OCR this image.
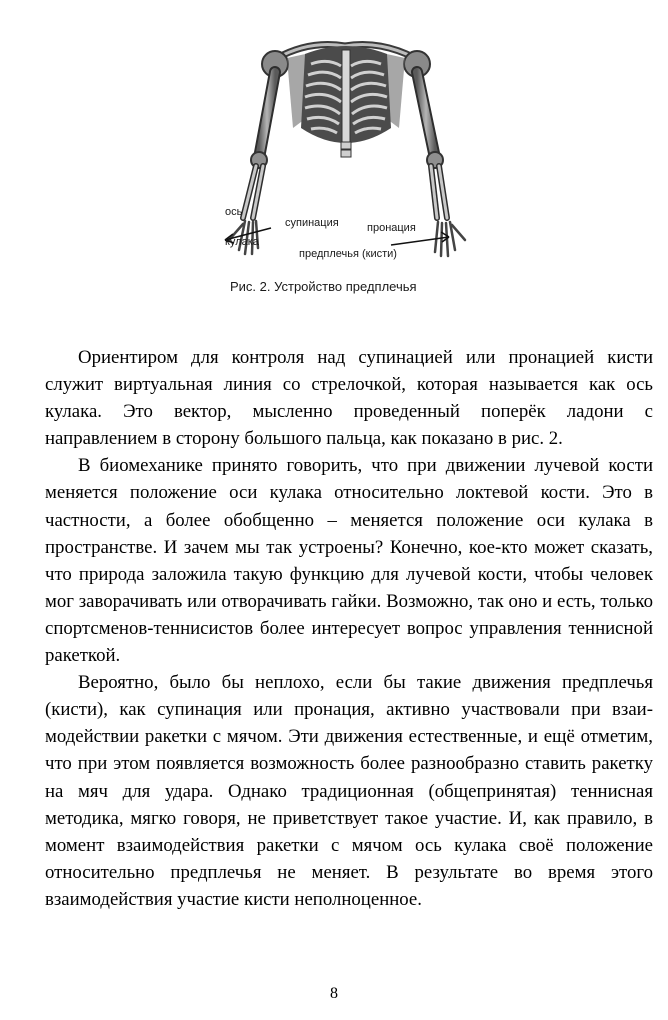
ось
кулака
супинация	пронация
предплечья (кисти)
Рис. 2. Устройство предплечья

Ориентиром для контроля над супинацией или пронацией кисти служит виртуальная линия со стрелочкой, которая называется как ось кулака. Это вектор, мысленно проведенный поперёк ладони с направлением в сторону большого пальца, как показано в рис. 2.

В биомеханике принято говорить, что при движении лучевой кости меняется положение оси кулака относительно локтевой кости. Это в частности, а более обобщенно – меняется положение оси кулака в пространстве. И зачем мы так устроены? Конечно, кое-кто может сказать, что природа заложила такую функцию для лучевой кости, чтобы человек мог заворачивать или отворачивать гайки. Возможно, так оно и есть, только спортсменов-теннисистов более интересует вопрос управления теннисной ракеткой.

Вероятно, было бы неплохо, если бы такие движения предплечья (кисти), как супинация или пронация, активно участвовали при взаимодействии ракетки с мячом. Эти движения естественные, и ещё отметим, что при этом появляется возможность более разнообразно ставить ракетку на мяч для удара. Однако традиционная (общепринятая) теннисная методика, мягко говоря, не приветствует такое участие. И, как правило, в момент взаимодействия ракетки с мячом ось кулака своё положение относительно предплечья не меняет. В результате во время этого взаимодействия участие кисти неполноценное.

8
